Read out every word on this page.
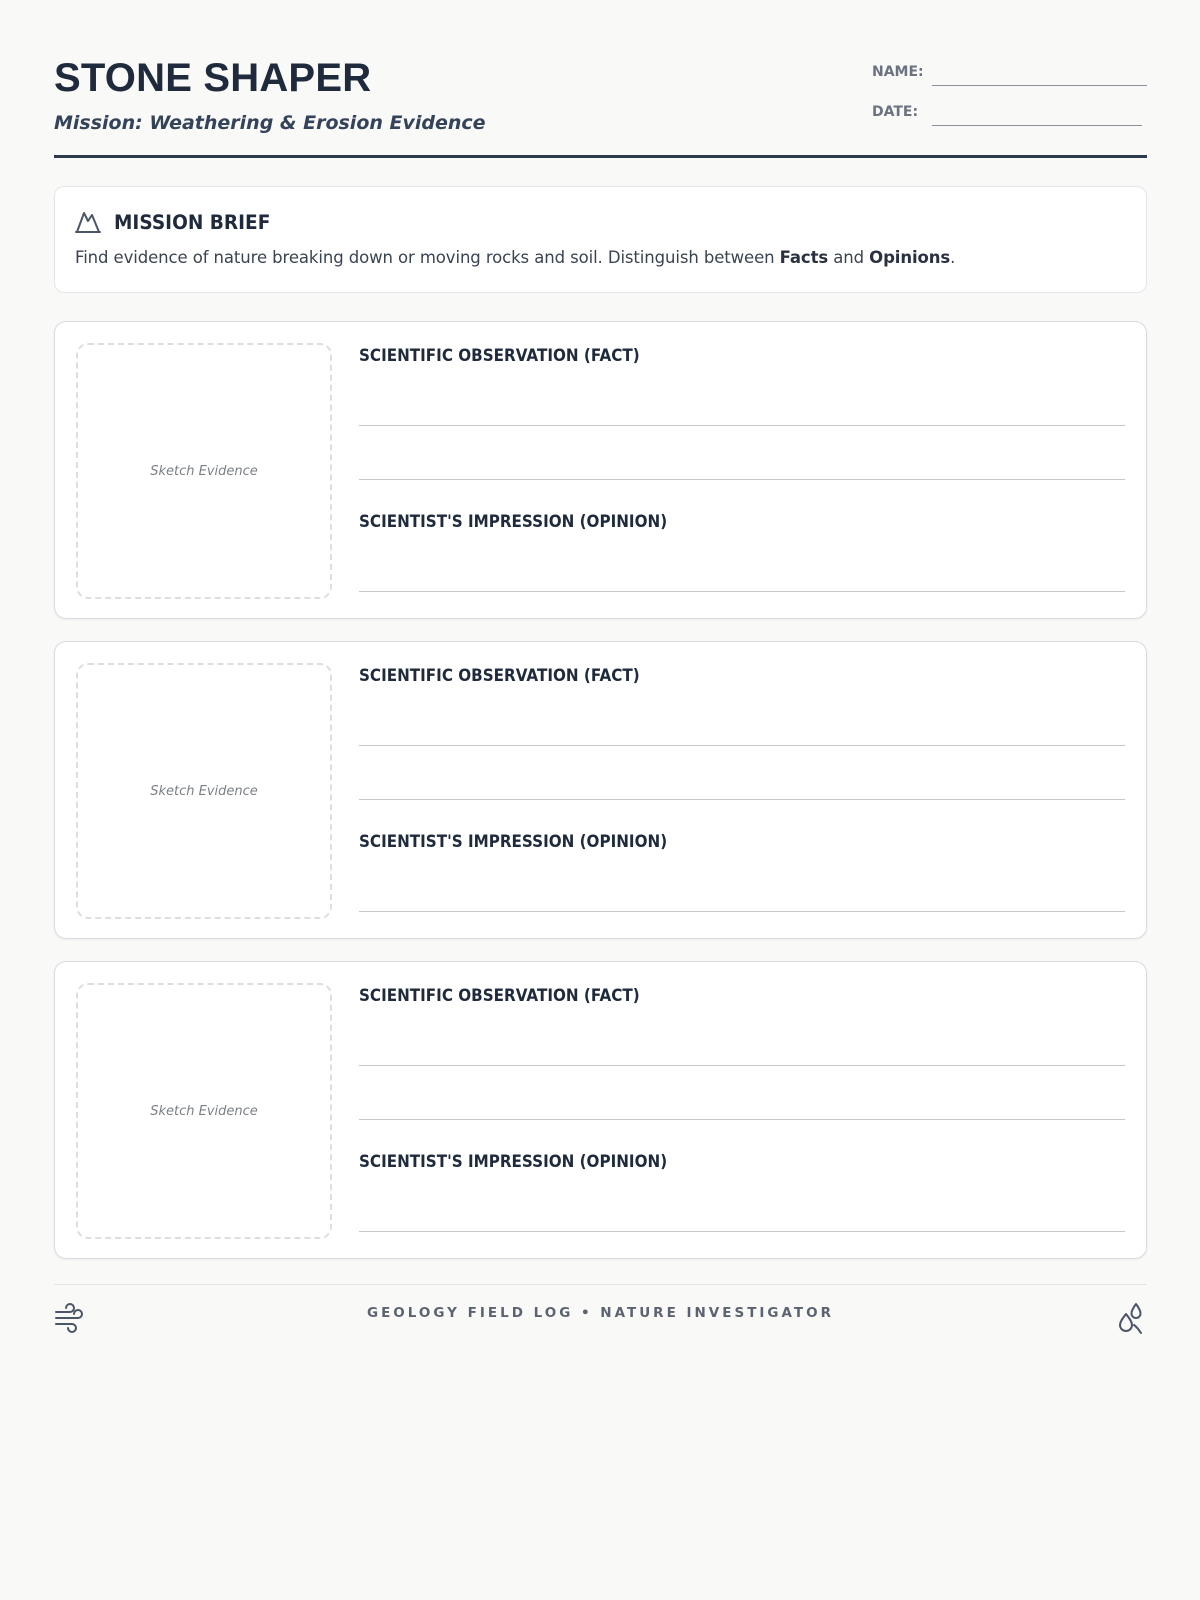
STONE SHAPER
Mission: Weathering & Erosion Evidence
NAME:
DATE:
MISSION BRIEF
Find evidence of nature breaking down or moving rocks and soil. Distinguish between Facts and Opinions.
Sketch Evidence
SCIENTIFIC OBSERVATION (FACT)
SCIENTIST'S IMPRESSION (OPINION)
Sketch Evidence
SCIENTIFIC OBSERVATION (FACT)
SCIENTIST'S IMPRESSION (OPINION)
Sketch Evidence
SCIENTIFIC OBSERVATION (FACT)
SCIENTIST'S IMPRESSION (OPINION)
GEOLOGY FIELD LOG • NATURE INVESTIGATOR
